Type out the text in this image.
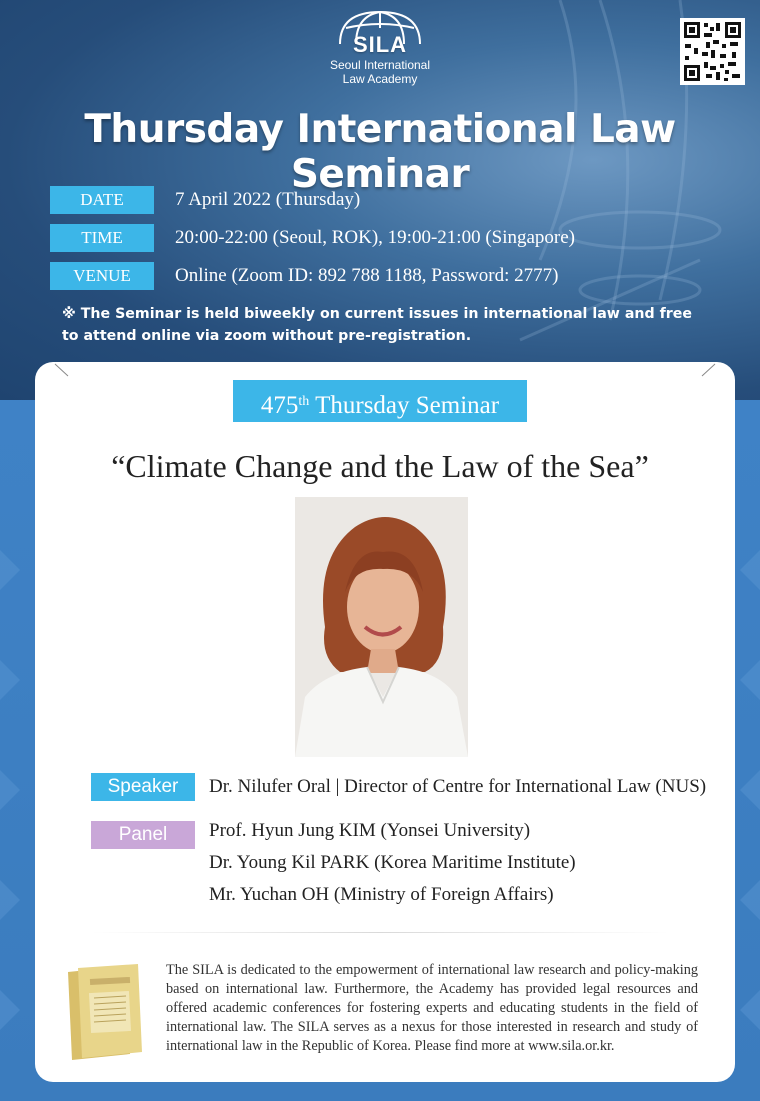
SILA
Seoul International
Law Academy
Thursday International Law Seminar
DATE	7 April 2022 (Thursday)
TIME	20:00-22:00 (Seoul, ROK), 19:00-21:00 (Singapore)
VENUE	Online (Zoom ID: 892 788 1188, Password: 2777)
※ The Seminar is held biweekly on current issues in international law and free to attend online via zoom without pre-registration.
475th Thursday Seminar
“Climate Change and the Law of the Sea”
Speaker	Dr. Nilufer Oral | Director of Centre for International Law (NUS)
Panel	Prof. Hyun Jung KIM (Yonsei University)
Dr. Young Kil PARK (Korea Maritime Institute)
Mr. Yuchan OH (Ministry of Foreign Affairs)
The SILA is dedicated to the empowerment of international law research and policy-making based on international law. Furthermore, the Academy has provided legal resources and offered academic conferences for fostering experts and educating students in the field of international law. The SILA serves as a nexus for those interested in research and study of international law in the Republic of Korea. Please find more at www.sila.or.kr.
